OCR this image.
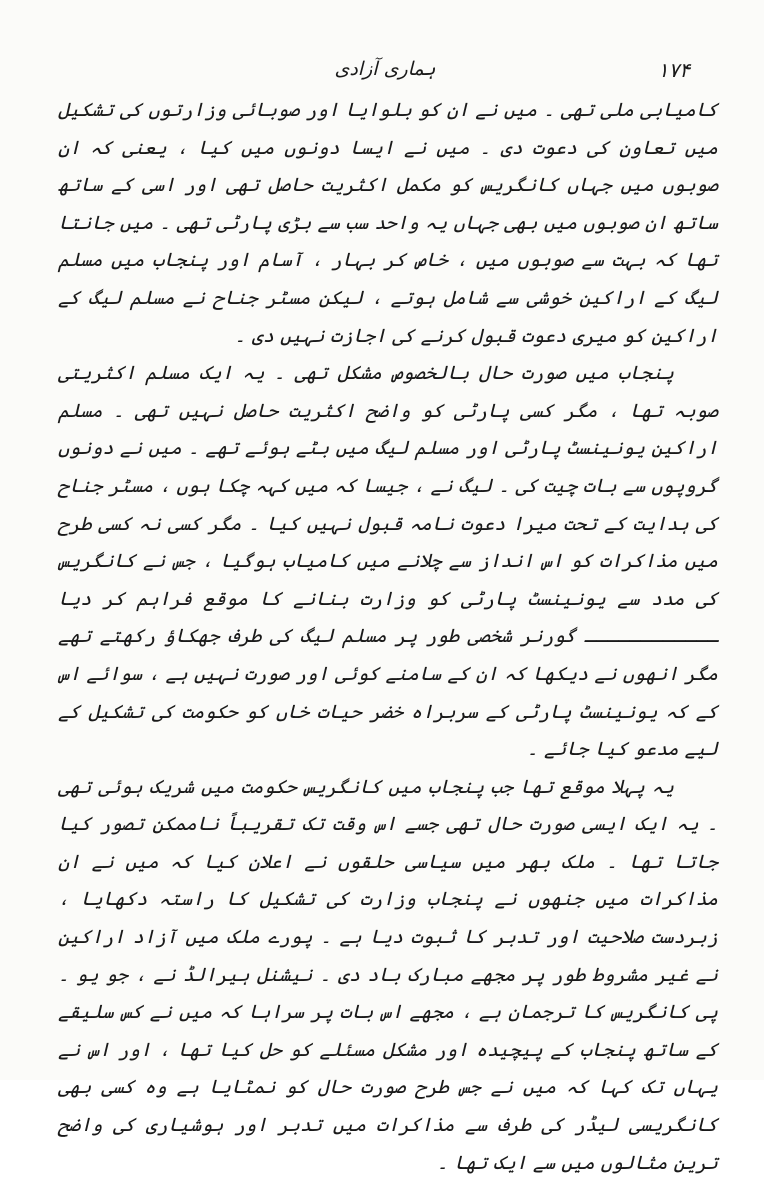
۱۷۴
ہماری آزادی

کامیابی ملی تھی ۔ میں نے ان کو بلوایا اور صوبائی وزارتوں کی تشکیل میں تعاون کی دعوت دی ۔ میں نے ایسا دونوں میں کیا ، یعنی کہ ان صوبوں میں جہاں کانگریس کو مکمل اکثریت حاصل تھی اور اسی کے ساتھ ساتھ ان صوبوں میں بھی جہاں یہ واحد سب سے بڑی پارٹی تھی ۔ میں جانتا تھا کہ بہت سے صوبوں میں ، خاص کر بہار ، آسام اور پنجاب میں مسلم لیگ کے اراکین خوشی سے شامل ہوتے ، لیکن مسٹر جناح نے مسلم لیگ کے اراکین کو میری دعوت قبول کرنے کی اجازت نہیں دی ۔

پنجاب میں صورت حال بالخصوص مشکل تھی ۔ یہ ایک مسلم اکثریتی صوبہ تھا ، مگر کسی پارٹی کو واضح اکثریت حاصل نہیں تھی ۔ مسلم اراکین یونینسٹ پارٹی اور مسلم لیگ میں بٹے ہوئے تھے ۔ میں نے دونوں گروپوں سے بات چیت کی ۔ لیگ نے ، جیسا کہ میں کہہ چکا ہوں ، مسٹر جناح کی ہدایت کے تحت میرا دعوت نامہ قبول نہیں کیا ۔ مگر کسی نہ کسی طرح میں مذاکرات کو اس انداز سے چلانے میں کامیاب ہوگیا ، جس نے کانگریس کی مدد سے یونینسٹ پارٹی کو وزارت بنانے کا موقع فراہم کر دیا ــــــــــــ گورنر شخصی طور پر مسلم لیگ کی طرف جھکاؤ رکھتے تھے مگر انھوں نے دیکھا کہ ان کے سامنے کوئی اور صورت نہیں ہے ، سوائے اس کے کہ یونینسٹ پارٹی کے سربراہ خضر حیات خاں کو حکومت کی تشکیل کے لیے مدعو کیا جائے ۔

یہ پہلا موقع تھا جب پنجاب میں کانگریس حکومت میں شریک ہوئی تھی ۔ یہ ایک ایسی صورت حال تھی جسے اس وقت تک تقریباً ناممکن تصور کیا جاتا تھا ۔ ملک بھر میں سیاسی حلقوں نے اعلان کیا کہ میں نے ان مذاکرات میں جنھوں نے پنجاب وزارت کی تشکیل کا راستہ دکھایا ، زبردست صلاحیت اور تدبر کا ثبوت دیا ہے ۔ پورے ملک میں آزاد اراکین نے غیر مشروط طور پر مجھے مبارک باد دی ۔ نیشنل ہیرالڈ نے ، جو یو ۔ پی کانگریس کا ترجمان ہے ، مجھے اس بات پر سراہا کہ میں نے کس سلیقے کے ساتھ پنجاب کے پیچیدہ اور مشکل مسئلے کو حل کیا تھا ، اور اس نے یہاں تک کہا کہ میں نے جس طرح صورت حال کو نمٹایا ہے وہ کسی بھی کانگریسی لیڈر کی طرف سے مذاکرات میں تدبر اور ہوشیاری کی واضح ترین مثالوں میں سے ایک تھا ۔
